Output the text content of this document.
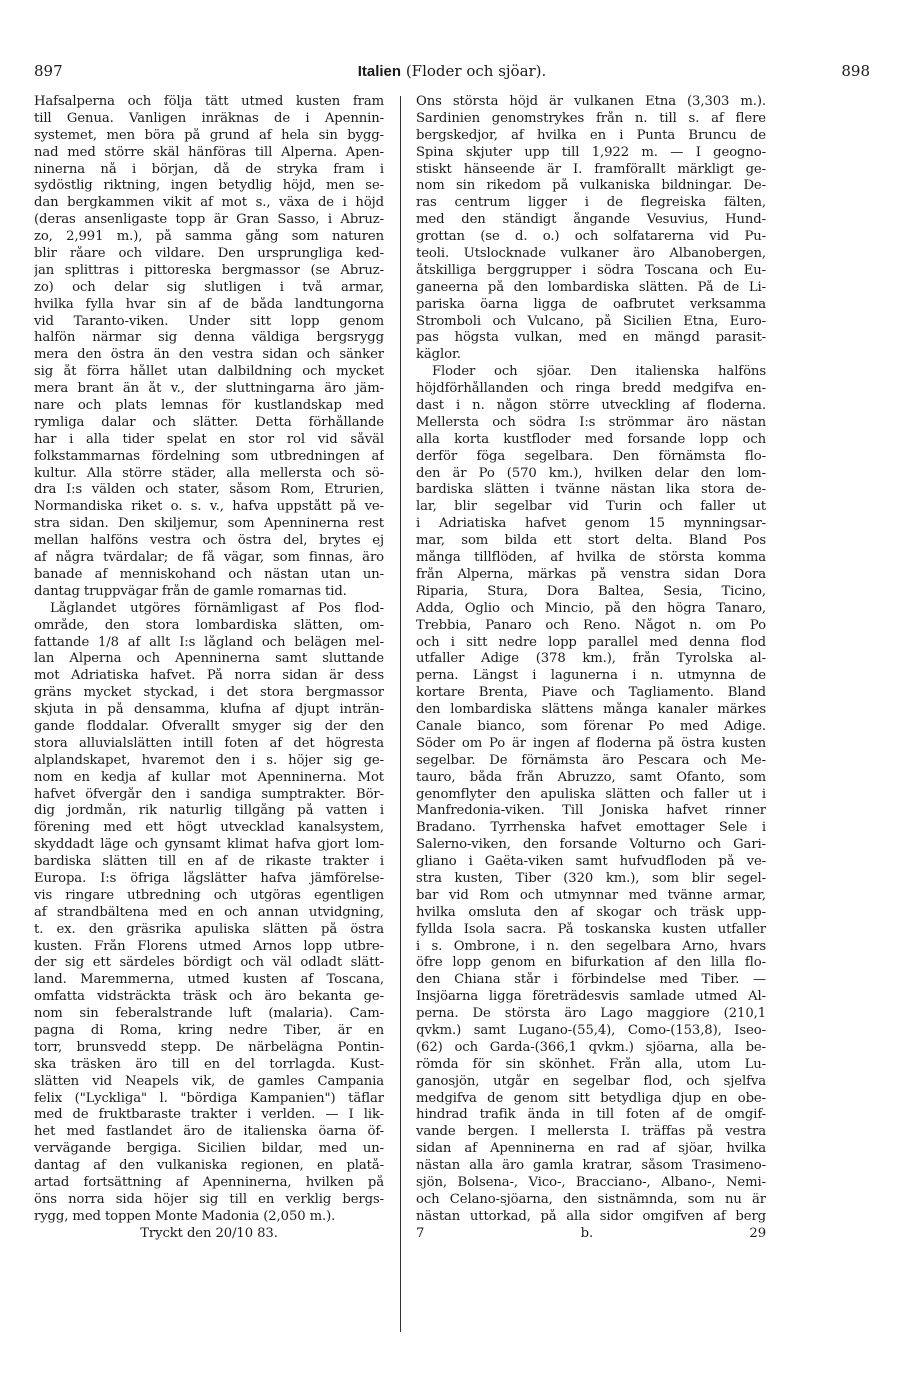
897	Italien (Floder och sjöar).	898
Hafsalperna och följa tätt utmed kusten fram
till Genua. Vanligen inräknas de i Apennin-
systemet, men böra på grund af hela sin bygg-
nad med större skäl hänföras till Alperna. Apen-
ninerna nå i början, då de stryka fram i
sydöstlig riktning, ingen betydlig höjd, men se-
dan bergkammen vikit af mot s., växa de i höjd
(deras ansenligaste topp är Gran Sasso, i Abruz-
zo, 2,991 m.), på samma gång som naturen
blir råare och vildare. Den ursprungliga ked-
jan splittras i pittoreska bergmassor (se Abruz-
zo) och delar sig slutligen i två armar,
hvilka fylla hvar sin af de båda landtungorna
vid Taranto-viken. Under sitt lopp genom
halfön närmar sig denna väldiga bergsrygg
mera den östra än den vestra sidan och sänker
sig åt förra hållet utan dalbildning och mycket
mera brant än åt v., der sluttningarna äro jäm-
nare och plats lemnas för kustlandskap med
rymliga dalar och slätter. Detta förhållande
har i alla tider spelat en stor rol vid såväl
folkstammarnas fördelning som utbredningen af
kultur. Alla större städer, alla mellersta och sö-
dra I:s välden och stater, såsom Rom, Etrurien,
Normandiska riket o. s. v., hafva uppstått på ve-
stra sidan. Den skiljemur, som Apenninerna rest
mellan halföns vestra och östra del, brytes ej
af några tvärdalar; de få vägar, som finnas, äro
banade af menniskohand och nästan utan un-
dantag truppvägar från de gamle romarnas tid.
Låglandet utgöres förnämligast af Pos flod-
område, den stora lombardiska slätten, om-
fattande 1/8 af allt I:s lågland och belägen mel-
lan Alperna och Apenninerna samt sluttande
mot Adriatiska hafvet. På norra sidan är dess
gräns mycket styckad, i det stora bergmassor
skjuta in på densamma, klufna af djupt inträn-
gande floddalar. Öfverallt smyger sig der den
stora alluvialslätten intill foten af det högresta
alplandskapet, hvaremot den i s. höjer sig ge-
nom en kedja af kullar mot Apenninerna. Mot
hafvet öfvergår den i sandiga sumptrakter. Bör-
dig jordmån, rik naturlig tillgång på vatten i
förening med ett högt utvecklad kanalsystem,
skyddadt läge och gynsamt klimat hafva gjort lom-
bardiska slätten till en af de rikaste trakter i
Europa. I:s öfriga lågslätter hafva jämförelse-
vis ringare utbredning och utgöras egentligen
af strandbältena med en och annan utvidgning,
t. ex. den gräsrika apuliska slätten på östra
kusten. Från Florens utmed Arnos lopp utbre-
der sig ett särdeles bördigt och väl odladt slätt-
land. Maremmerna, utmed kusten af Toscana,
omfatta vidsträckta träsk och äro bekanta ge-
nom sin feberalstrande luft (malaria). Cam-
pagna di Roma, kring nedre Tiber, är en
torr, brunsvedd stepp. De närbelägna Pontin-
ska träsken äro till en del torrlagda. Kust-
slätten vid Neapels vik, de gamles Campania
felix ("Lyckliga" l. "bördiga Kampanien") täflar
med de fruktbaraste trakter i verlden. — I lik-
het med fastlandet äro de italienska öarna öf-
vervägande bergiga. Sicilien bildar, med un-
dantag af den vulkaniska regionen, en platå-
artad fortsättning af Apenninerna, hvilken på
öns norra sida höjer sig till en verklig bergs-
rygg, med toppen Monte Madonia (2,050 m.).
Tryckt den 20/10 83.
Öns största höjd är vulkanen Etna (3,303 m.).
Sardinien genomstrykes från n. till s. af flere
bergskedjor, af hvilka en i Punta Bruncu de
Spina skjuter upp till 1,922 m. — I geogno-
stiskt hänseende är I. framförallt märkligt ge-
nom sin rikedom på vulkaniska bildningar. De-
ras centrum ligger i de flegreiska fälten,
med den ständigt ångande Vesuvius, Hund-
grottan (se d. o.) och solfatarerna vid Pu-
teoli. Utslocknade vulkaner äro Albanobergen,
åtskilliga berggrupper i södra Toscana och Eu-
ganeerna på den lombardiska slätten. På de Li-
pariska öarna ligga de oafbrutet verksamma
Stromboli och Vulcano, på Sicilien Etna, Euro-
pas högsta vulkan, med en mängd parasit-
käglor.
Floder och sjöar. Den italienska halföns
höjdförhållanden och ringa bredd medgifva en-
dast i n. någon större utveckling af floderna.
Mellersta och södra I:s strömmar äro nästan
alla korta kustfloder med forsande lopp och
derför föga segelbara. Den förnämsta flo-
den är Po (570 km.), hvilken delar den lom-
bardiska slätten i tvänne nästan lika stora de-
lar, blir segelbar vid Turin och faller ut
i Adriatiska hafvet genom 15 mynningsar-
mar, som bilda ett stort delta. Bland Pos
många tillflöden, af hvilka de största komma
från Alperna, märkas på venstra sidan Dora
Riparia, Stura, Dora Baltea, Sesia, Ticino,
Adda, Oglio och Mincio, på den högra Tanaro,
Trebbia, Panaro och Reno. Något n. om Po
och i sitt nedre lopp parallel med denna flod
utfaller Adige (378 km.), från Tyrolska al-
perna. Längst i lagunerna i n. utmynna de
kortare Brenta, Piave och Tagliamento. Bland
den lombardiska slättens många kanaler märkes
Canale bianco, som förenar Po med Adige.
Söder om Po är ingen af floderna på östra kusten
segelbar. De förnämsta äro Pescara och Me-
tauro, båda från Abruzzo, samt Ofanto, som
genomflyter den apuliska slätten och faller ut i
Manfredonia-viken. Till Joniska hafvet rinner
Bradano. Tyrrhenska hafvet emottager Sele i
Salerno-viken, den forsande Volturno och Gari-
gliano i Gaëta-viken samt hufvudfloden på ve-
stra kusten, Tiber (320 km.), som blir segel-
bar vid Rom och utmynnar med tvänne armar,
hvilka omsluta den af skogar och träsk upp-
fyllda Isola sacra. På toskanska kusten utfaller
i s. Ombrone, i n. den segelbara Arno, hvars
öfre lopp genom en bifurkation af den lilla flo-
den Chiana står i förbindelse med Tiber. —
Insjöarna ligga företrädesvis samlade utmed Al-
perna. De största äro Lago maggiore (210,1
qvkm.) samt Lugano-(55,4), Como-(153,8), Iseo-
(62) och Garda-(366,1 qvkm.) sjöarna, alla be-
römda för sin skönhet. Från alla, utom Lu-
ganosjön, utgår en segelbar flod, och sjelfva
medgifva de genom sitt betydliga djup en obe-
hindrad trafik ända in till foten af de omgif-
vande bergen. I mellersta I. träffas på vestra
sidan af Apenninerna en rad af sjöar, hvilka
nästan alla äro gamla kratrar, såsom Trasimeno-
sjön, Bolsena-, Vico-, Bracciano-, Albano-, Nemi-
och Celano-sjöarna, den sistnämnda, som nu är
nästan uttorkad, på alla sidor omgifven af berg
7 b. 29
